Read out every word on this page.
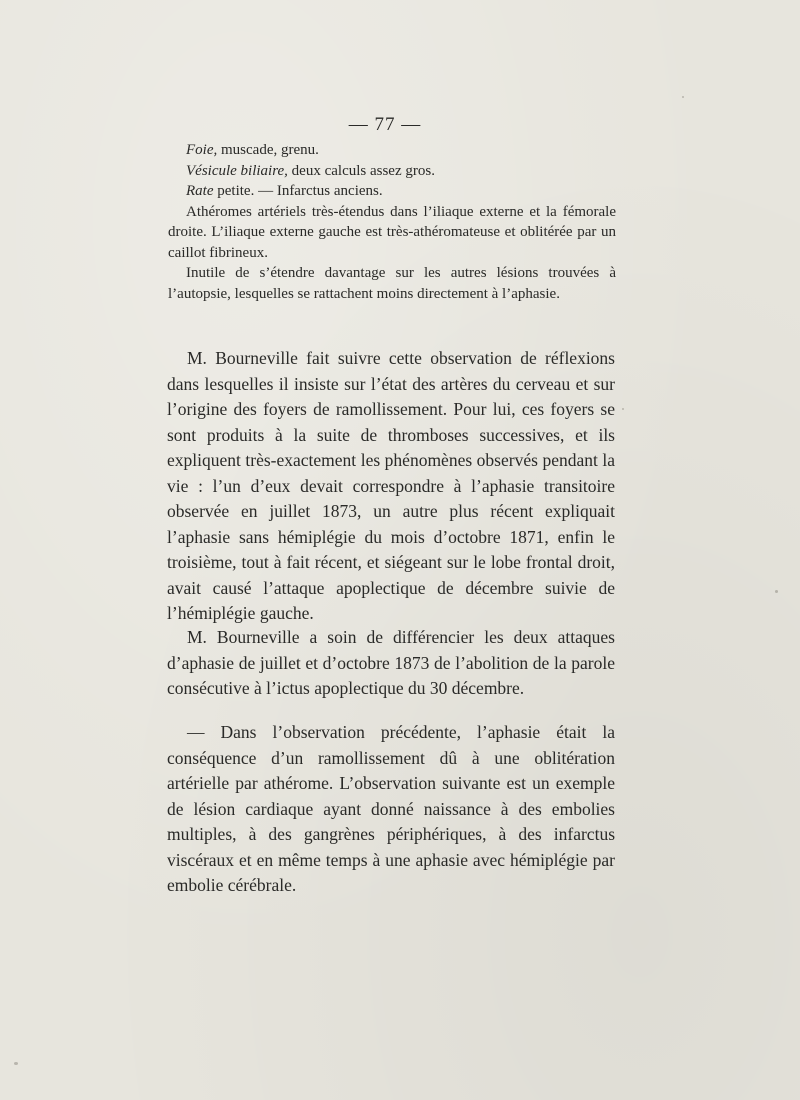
— 77 —

Foie, muscade, grenu.

Vésicule biliaire, deux calculs assez gros.

Rate petite. — Infarctus anciens.

Athéromes artériels très-étendus dans l’iliaque externe et la fémorale droite. L’iliaque externe gauche est très-athéromateuse et oblitérée par un caillot fibrineux.

Inutile de s’étendre davantage sur les autres lésions trouvées à l’autopsie, lesquelles se rattachent moins directement à l’aphasie.

M. Bourneville fait suivre cette observation de réflexions dans lesquelles il insiste sur l’état des artères du cerveau et sur l’origine des foyers de ramollissement. Pour lui, ces foyers se sont produits à la suite de thromboses successives, et ils expliquent très-exactement les phénomènes observés pendant la vie : l’un d’eux devait correspondre à l’aphasie transitoire observée en juillet 1873, un autre plus récent expliquait l’aphasie sans hémiplégie du mois d’octobre 1871, enfin le troisième, tout à fait récent, et siégeant sur le lobe frontal droit, avait causé l’attaque apoplectique de décembre suivie de l’hémiplégie gauche.

M. Bourneville a soin de différencier les deux attaques d’aphasie de juillet et d’octobre 1873 de l’abolition de la parole consécutive à l’ictus apoplectique du 30 décembre.

— Dans l’observation précédente, l’aphasie était la conséquence d’un ramollissement dû à une oblitération artérielle par athérome. L’observation suivante est un exemple de lésion cardiaque ayant donné naissance à des embolies multiples, à des gangrènes périphériques, à des infarctus viscéraux et en même temps à une aphasie avec hémiplégie par embolie cérébrale.
